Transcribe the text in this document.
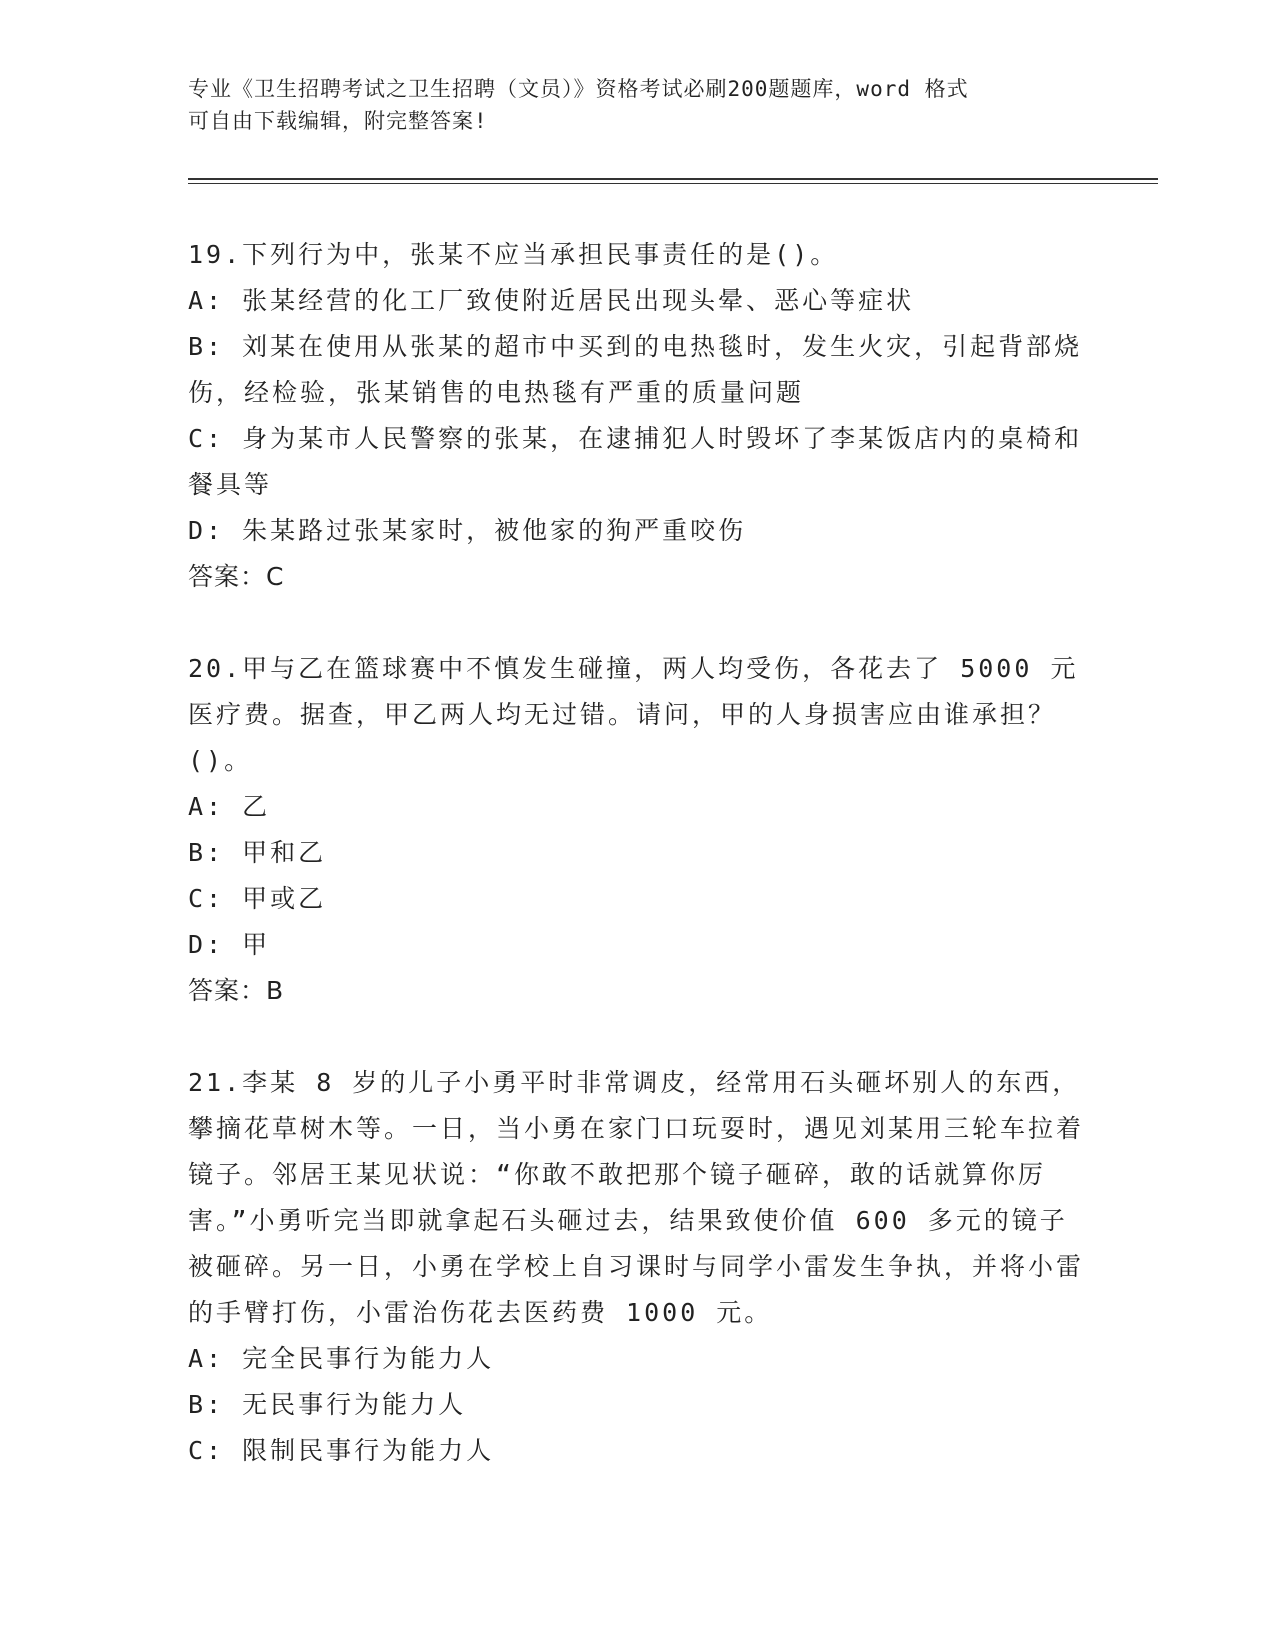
专业《卫生招聘考试之卫生招聘（文员）》资格考试必刷200题题库，word 格式
可自由下载编辑，附完整答案!
19.下列行为中，张某不应当承担民事责任的是()。
A: 张某经营的化工厂致使附近居民出现头晕、恶心等症状
B: 刘某在使用从张某的超市中买到的电热毯时，发生火灾，引起背部烧伤，经检验，张某销售的电热毯有严重的质量问题
C: 身为某市人民警察的张某，在逮捕犯人时毁坏了李某饭店内的桌椅和餐具等
D: 朱某路过张某家时，被他家的狗严重咬伤
答案：C
20.甲与乙在篮球赛中不慎发生碰撞，两人均受伤，各花去了 5000 元医疗费。据查，甲乙两人均无过错。请问，甲的人身损害应由谁承担？()。
A: 乙
B: 甲和乙
C: 甲或乙
D: 甲
答案：B
21.李某 8 岁的儿子小勇平时非常调皮，经常用石头砸坏别人的东西，攀摘花草树木等。一日，当小勇在家门口玩耍时，遇见刘某用三轮车拉着镜子。邻居王某见状说：“你敢不敢把那个镜子砸碎，敢的话就算你厉害。”小勇听完当即就拿起石头砸过去，结果致使价值 600 多元的镜子被砸碎。另一日，小勇在学校上自习课时与同学小雷发生争执，并将小雷的手臂打伤，小雷治伤花去医药费 1000 元。
A: 完全民事行为能力人
B: 无民事行为能力人
C: 限制民事行为能力人
